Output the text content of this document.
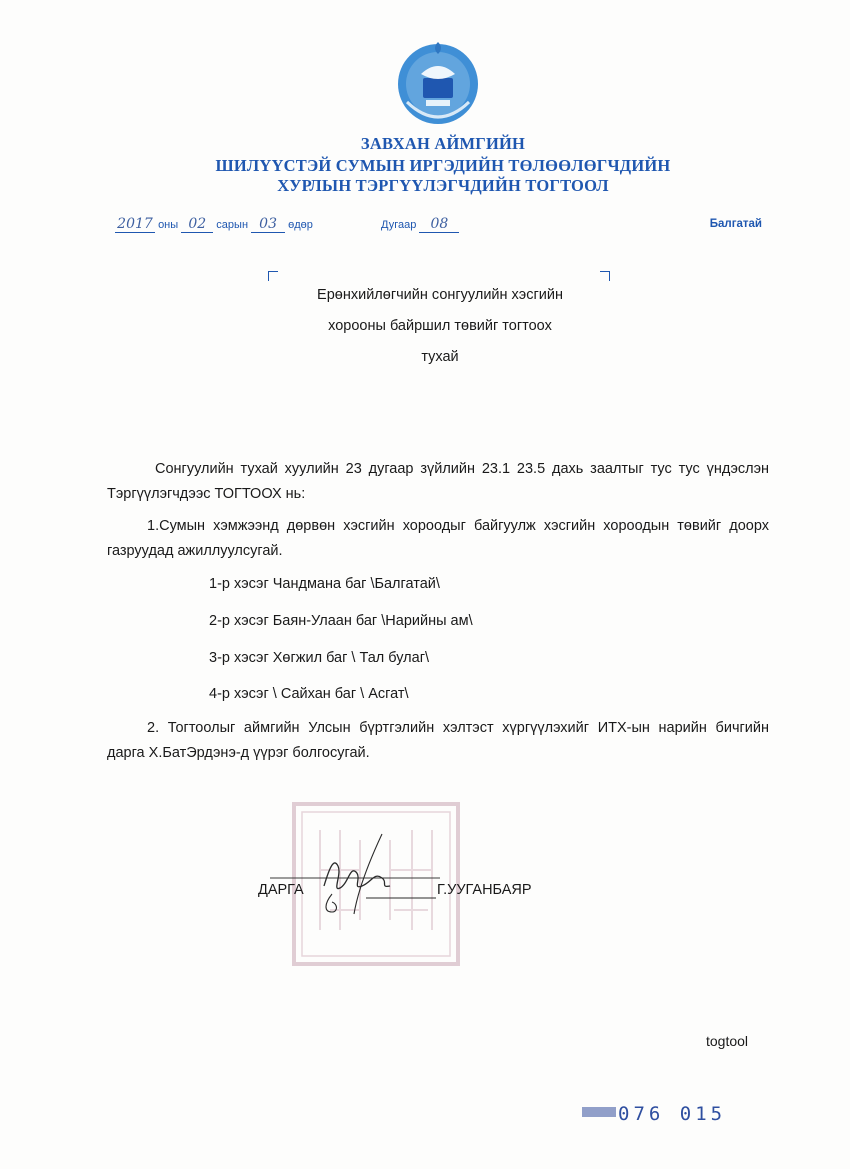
ЗАВХАН АЙМГИЙН
ШИЛҮҮСТЭЙ СУМЫН ИРГЭДИЙН ТӨЛӨӨЛӨГЧДИЙН
ХУРЛЫН ТЭРГҮҮЛЭГЧДИЙН ТОГТООЛ
2017 оны 02 сарын 03 өдөр	Дугаар 08	Балгатай
Ерөнхийлөгчийн сонгуулийн хэсгийн
хорооны байршил төвийг тогтоох
тухай
Сонгуулийн тухай хуулийн 23 дугаар зүйлийн 23.1 23.5 дахь заалтыг тус тус үндэслэн Тэргүүлэгчдээс ТОГТООХ нь:
1.Сумын хэмжээнд дөрвөн хэсгийн хороодыг байгуулж хэсгийн хороодын төвийг доорх газруудад ажиллуулсугай.
1-р хэсэг Чандмана баг \Балгатай\
2-р хэсэг Баян-Улаан баг \Нарийны ам\
3-р хэсэг Хөгжил баг \ Тал булаг\
4-р хэсэг \ Сайхан баг \ Асгат\
2. Тогтоолыг аймгийн Улсын бүртгэлийн хэлтэст хүргүүлэхийг ИТХ-ын нарийн бичгийн дарга Х.БатЭрдэнэ-д үүрэг болгосугай.
ДАРГА	Г.УУГАНБАЯР
togtool
076 015
